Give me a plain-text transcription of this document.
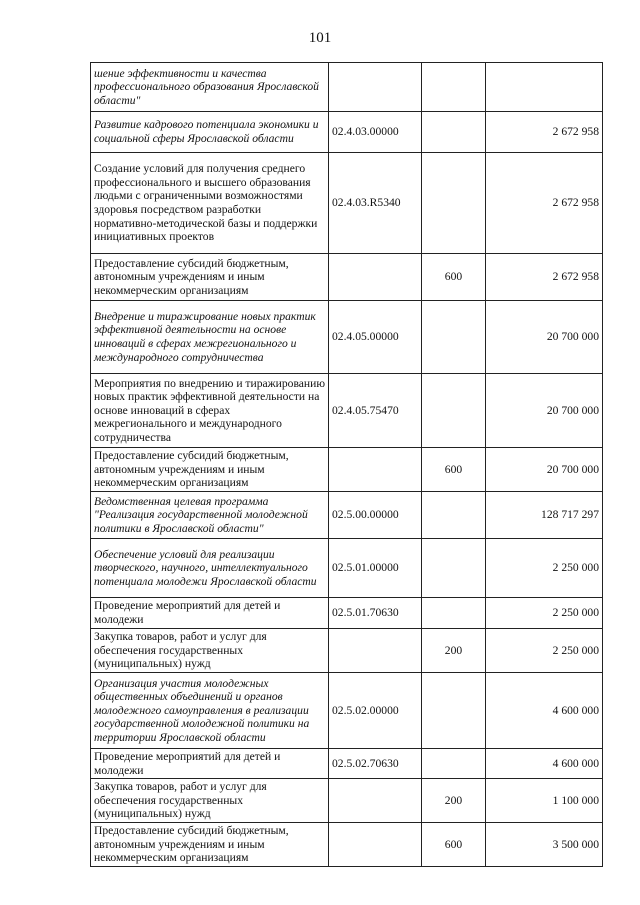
101
шение эффективности и качества профессионального образования Ярославской области"			
Развитие кадрового потенциала экономики и социальной сферы Ярославской области	02.4.03.00000		2 672 958
Создание условий для получения среднего профессионального и высшего образования людьми с ограниченными возможностями здоровья посредством разработки нормативно-методической базы и поддержки инициативных проектов	02.4.03.R5340		2 672 958
Предоставление субсидий бюджетным, автономным учреждениям и иным некоммерческим организациям		600	2 672 958
Внедрение и тиражирование новых практик эффективной деятельности на основе инноваций в сферах межрегионального и международного сотрудничества	02.4.05.00000		20 700 000
Мероприятия по внедрению и тиражированию новых практик эффективной деятельности на основе инноваций в сферах межрегионального и международного сотрудничества	02.4.05.75470		20 700 000
Предоставление субсидий бюджетным, автономным учреждениям и иным некоммерческим организациям		600	20 700 000
Ведомственная целевая программа "Реализация государственной молодежной политики в Ярославской области"	02.5.00.00000		128 717 297
Обеспечение условий для реализации творческого, научного, интеллектуального потенциала молодежи Ярославской области	02.5.01.00000		2 250 000
Проведение мероприятий для детей и молодежи	02.5.01.70630		2 250 000
Закупка товаров, работ и услуг для обеспечения государственных (муниципальных) нужд		200	2 250 000
Организация участия молодежных общественных объединений и органов молодежного самоуправления в реализации государственной молодежной политики на территории Ярославской области	02.5.02.00000		4 600 000
Проведение мероприятий для детей и молодежи	02.5.02.70630		4 600 000
Закупка товаров, работ и услуг для обеспечения государственных (муниципальных) нужд		200	1 100 000
Предоставление субсидий бюджетным, автономным учреждениям и иным некоммерческим организациям		600	3 500 000
